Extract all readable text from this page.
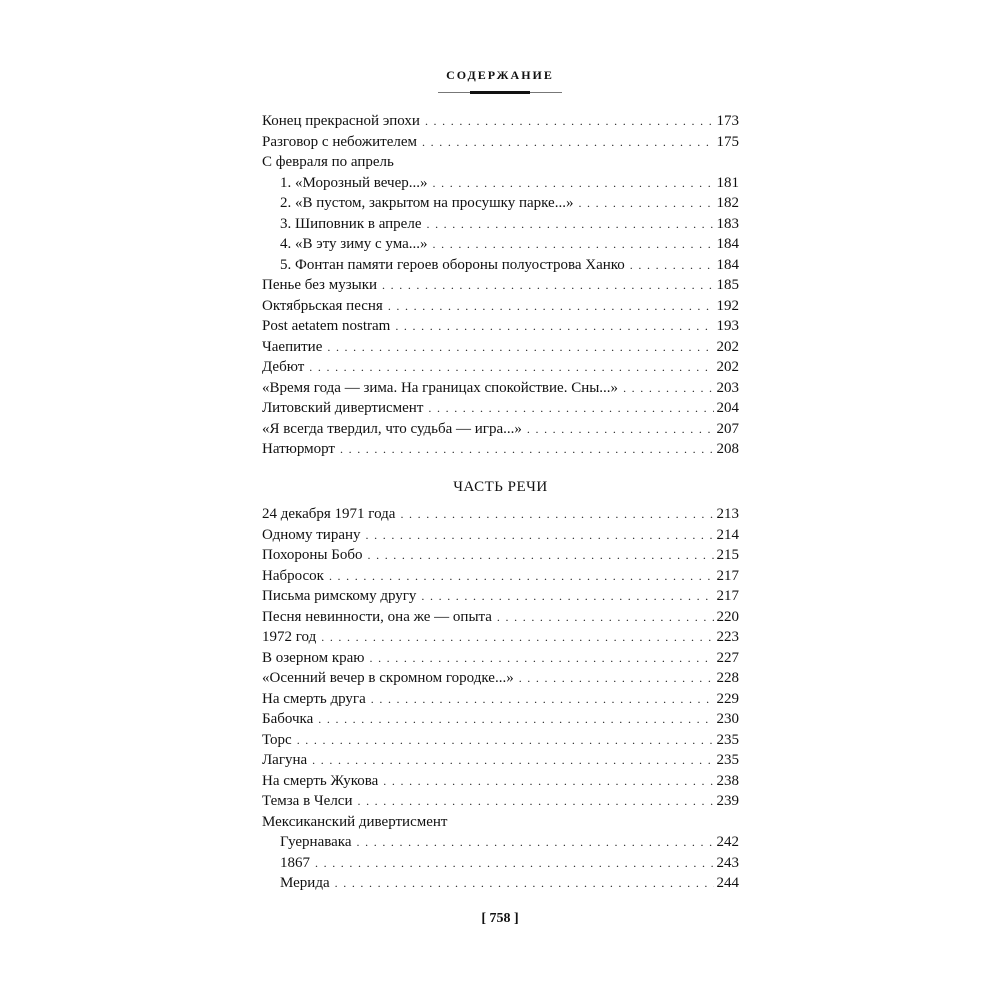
СОДЕРЖАНИЕ
Конец прекрасной эпохи . . .	173
Разговор с небожителем . . .	175
С февраля по апрель
1. «Морозный вечер...» . . .	181
2. «В пустом, закрытом на просушку парке...» . . .	182
3. Шиповник в апреле . . .	183
4. «В эту зиму с ума...» . . .	184
5. Фонтан памяти героев обороны полуострова Ханко . . .	184
Пенье без музыки . . .	185
Октябрьская песня . . .	192
Post aetatem nostram . . .	193
Чаепитие . . .	202
Дебют . . .	202
«Время года — зима. На границах спокойствие. Сны...» . . .	203
Литовский дивертисмент . . .	204
«Я всегда твердил, что судьба — игра...» . . .	207
Натюрморт . . .	208
ЧАСТЬ РЕЧИ
24 декабря 1971 года . . .	213
Одному тирану . . .	214
Похороны Бобо . . .	215
Набросок . . .	217
Письма римскому другу . . .	217
Песня невинности, она же — опыта . . .	220
1972 год . . .	223
В озерном краю . . .	227
«Осенний вечер в скромном городке...» . . .	228
На смерть друга . . .	229
Бабочка . . .	230
Торс . . .	235
Лагуна . . .	235
На смерть Жукова . . .	238
Темза в Челси . . .	239
Мексиканский дивертисмент
Гуернавака . . .	242
1867 . . .	243
Мерида . . .	244
[ 758 ]
